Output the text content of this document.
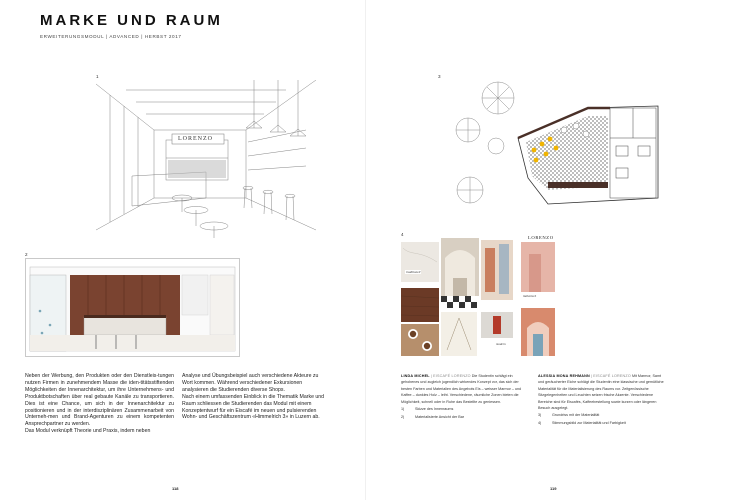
MARKE UND RAUM
ERWEITERUNGSMODUL | ADVANCED | HERBST 2017
1
LORENZO
2
Neben der Werbung, den Produkten oder den Dienstleis-tungen nutzen Firmen in zunehmendem Masse die iden-titätsstiftenden Möglichkeiten der Innenarchitektur, um ihre Unternehmens- und Produktbotschaften über real gebaute Kanäle zu transportieren. Dies ist eine Chance, um sich in der Innenarchitektur zu positionieren und in der interdisziplinären Zusammenarbeit von Unterneh-men und Brand-Agenturen zu einem kompetenten Ansprechpartner zu werden.
Das Modul verknüpft Theorie und Praxis, indem neben
Analyse und Übungsbeispiel auch verschiedene Akteure zu Wort kommen. Während verschiedener Exkursionen analysieren die Studierenden diverse Shops.
Nach einem umfassenden Einblick in die Thematik Marke und Raum schliessen die Studierenden das Modul mit einem Konzeptentwurf für ein Eiscafé im neuen und pulsierenden Wohn- und Geschäftszentrum «Himmelrich 3» in Luzern ab.
118
3
4
LORENZO
traditionell
italienisch
modern
LINDA MICHEL | EISCAFÉ LORENZO Die Studentin schlägt ein gehobenes und zugleich jugendlich wirkendes Konzept vor, das sich der besten Farben und Materialien des Angebots Eis – weisser Marmor – und Kaffee – dunkles Holz – leiht. Verschiedene, räumliche Zonen bieten die Möglichkeit, schnell oder in Ruhe das Bestellte zu geniessen.
1)	Skizze des Innenraums
2)	Materialisierte Ansicht der Bar
ALESSIA MONA REHMANN | EISCAFÉ LORENZO Mit Marmor, Samt und geräucherter Eiche schlägt die Studentin eine klassische und gemütliche Materialität für die Materialisierung des Raums vor. Zeitgenössische Sitzgelegenheiten und Leuchten setzen frische Akzente. Verschiedene Bereiche sind für Eiscafés, Kaffeebestellung sowie kurzen oder längeren Besuch ausgelegt.
3)	Grundriss mit der Materialität
4)	Stimmungsbild zur Materialität und Farbigkeit
119
